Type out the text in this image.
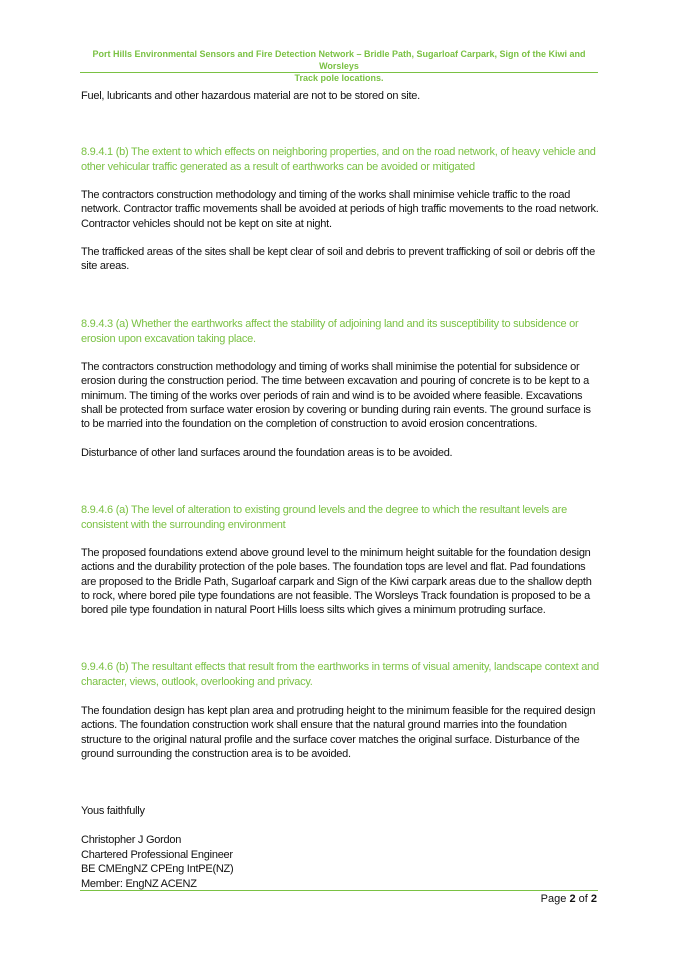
Port Hills Environmental Sensors and Fire Detection Network – Bridle Path, Sugarloaf Carpark, Sign of the Kiwi and Worsleys
Track pole locations.

Fuel, lubricants and other hazardous material are not to be stored on site.

8.9.4.1 (b) The extent to which effects on neighboring properties, and on the road network, of heavy vehicle and other vehicular traffic generated as a result of earthworks can be avoided or mitigated

The contractors construction methodology and timing of the works shall minimise vehicle traffic to the road network. Contractor traffic movements shall be avoided at periods of high traffic movements to the road network. Contractor vehicles should not be kept on site at night.

The trafficked areas of the sites shall be kept clear of soil and debris to prevent trafficking of soil or debris off the site areas.

8.9.4.3 (a) Whether the earthworks affect the stability of adjoining land and its susceptibility to subsidence or erosion upon excavation taking place.

The contractors construction methodology and timing of works shall minimise the potential for subsidence or erosion during the construction period. The time between excavation and pouring of concrete is to be kept to a minimum. The timing of the works over periods of rain and wind is to be avoided where feasible. Excavations shall be protected from surface water erosion by covering or bunding during rain events. The ground surface is to be married into the foundation on the completion of construction to avoid erosion concentrations.

Disturbance of other land surfaces around the foundation areas is to be avoided.

8.9.4.6 (a) The level of alteration to existing ground levels and the degree to which the resultant levels are consistent with the surrounding environment

The proposed foundations extend above ground level to the minimum height suitable for the foundation design actions and the durability protection of the pole bases. The foundation tops are level and flat. Pad foundations are proposed to the Bridle Path, Sugarloaf carpark and Sign of the Kiwi carpark areas due to the shallow depth to rock, where bored pile type foundations are not feasible. The Worsleys Track foundation is proposed to be a bored pile type foundation in natural Poort Hills loess silts which gives a minimum protruding surface.

9.9.4.6 (b) The resultant effects that result from the earthworks in terms of visual amenity, landscape context and character, views, outlook, overlooking and privacy.

The foundation design has kept plan area and protruding height to the minimum feasible for the required design actions. The foundation construction work shall ensure that the natural ground marries into the foundation structure to the original natural profile and the surface cover matches the original surface. Disturbance of the ground surrounding the construction area is to be avoided.

Yous faithfully
Christopher J Gordon
Chartered Professional Engineer
BE CMEngNZ CPEng IntPE(NZ)
Member: EngNZ ACENZ
Page 2 of 2
